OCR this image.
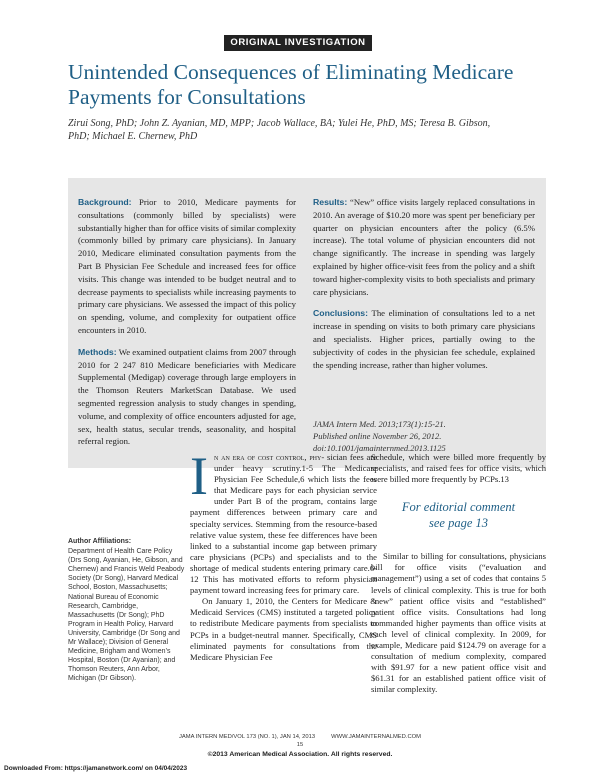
ORIGINAL INVESTIGATION
Unintended Consequences of Eliminating Medicare Payments for Consultations
Zirui Song, PhD; John Z. Ayanian, MD, MPP; Jacob Wallace, BA; Yulei He, PhD, MS; Teresa B. Gibson, PhD; Michael E. Chernew, PhD

Background: Prior to 2010, Medicare payments for consultations (commonly billed by specialists) were substantially higher than for office visits of similar complexity (commonly billed by primary care physicians). In January 2010, Medicare eliminated consultation payments from the Part B Physician Fee Schedule and increased fees for office visits. This change was intended to be budget neutral and to decrease payments to specialists while increasing payments to primary care physicians. We assessed the impact of this policy on spending, volume, and complexity for outpatient office encounters in 2010.

Methods: We examined outpatient claims from 2007 through 2010 for 2 247 810 Medicare beneficiaries with Medicare Supplemental (Medigap) coverage through large employers in the Thomson Reuters MarketScan Database. We used segmented regression analysis to study changes in spending, volume, and complexity of office encounters adjusted for age, sex, health status, secular trends, seasonality, and hospital referral region.

Results: “New” office visits largely replaced consultations in 2010. An average of $10.20 more was spent per beneficiary per quarter on physician encounters after the policy (6.5% increase). The total volume of physician encounters did not change significantly. The increase in spending was largely explained by higher office-visit fees from the policy and a shift toward higher-complexity visits to both specialists and primary care physicians.

Conclusions: The elimination of consultations led to a net increase in spending on visits to both primary care physicians and specialists. Higher prices, partially owing to the subjectivity of codes in the physician fee schedule, explained the spending increase, rather than higher volumes.

JAMA Intern Med. 2013;173(1):15-21.
Published online November 26, 2012.
doi:10.1001/jamainternmed.2013.1125
Author Affiliations:
Department of Health Care Policy (Drs Song, Ayanian, He, Gibson, and Chernew) and Francis Weld Peabody Society (Dr Song), Harvard Medical School, Boston, Massachusetts; National Bureau of Economic Research, Cambridge, Massachusetts (Dr Song); PhD Program in Health Policy, Harvard University, Cambridge (Dr Song and Mr Wallace); Division of General Medicine, Brigham and Women’s Hospital, Boston (Dr Ayanian); and Thomson Reuters, Ann Arbor, Michigan (Dr Gibson).

In an era of cost control, phy- sician fees are under heavy scrutiny.1-5 The Medicare Physician Fee Schedule,6 which lists the fees that Medicare pays for each physician service under Part B of the program, contains large payment differences between primary care and specialty services. Stemming from the resource-based relative value system, these fee differences have been linked to a substantial income gap between primary care physicians (PCPs) and specialists and to the shortage of medical students entering primary care.6-12 This has motivated efforts to reform physician payment toward increasing fees for primary care.

On January 1, 2010, the Centers for Medicare & Medicaid Services (CMS) instituted a targeted policy to redistribute Medicare payments from specialists to PCPs in a budget-neutral manner. Specifically, CMS eliminated payments for consultations from the Medicare Physician Fee

Schedule, which were billed more frequently by specialists, and raised fees for office visits, which were billed more frequently by PCPs.13

For editorial comment
see page 13

Similar to billing for consultations, physicians bill for office visits (“evaluation and management”) using a set of codes that contains 5 levels of clinical complexity. This is true for both “new” patient office visits and “established” patient office visits. Consultations had long commanded higher payments than office visits at each level of clinical complexity. In 2009, for example, Medicare paid $124.79 on average for a consultation of medium complexity, compared with $91.97 for a new patient office visit and $61.31 for an established patient office visit of similar complexity.

JAMA INTERN MED/VOL 173 (NO. 1), JAN 14, 2013          WWW.JAMAINTERNALMED.COM
15
©2013 American Medical Association. All rights reserved.
Downloaded From: https://jamanetwork.com/ on 04/04/2023
